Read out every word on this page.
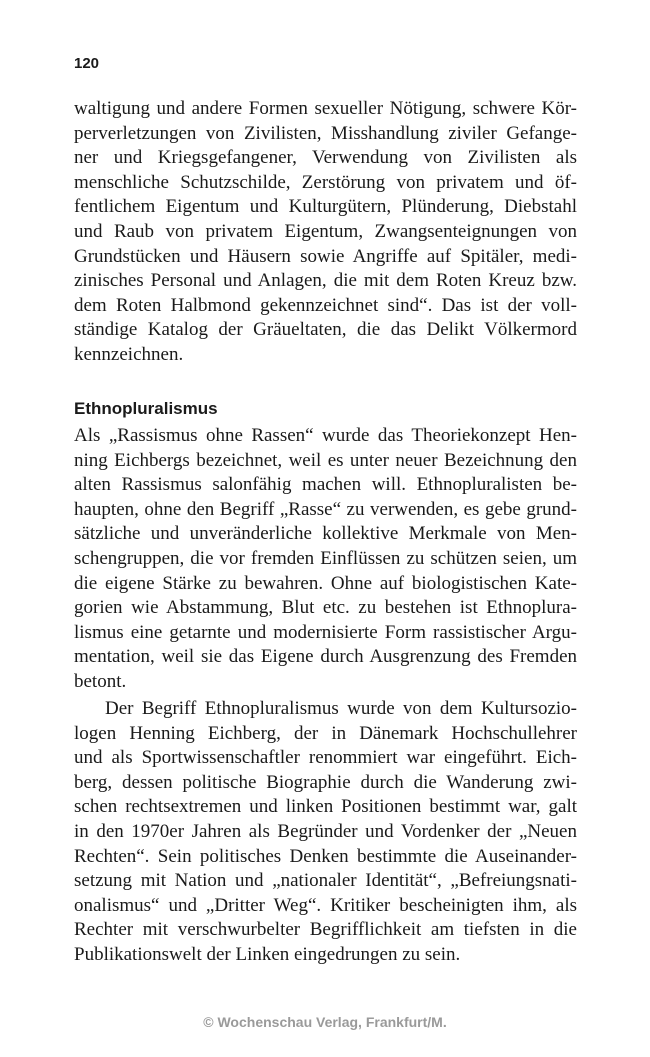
120
waltigung und andere Formen sexueller Nötigung, schwere Kör-
perverletzungen von Zivilisten, Misshandlung ziviler Gefange-
ner und Kriegsgefangener, Verwendung von Zivilisten als
menschliche Schutzschilde, Zerstörung von privatem und öf-
fentlichem Eigentum und Kulturgütern, Plünderung, Diebstahl
und Raub von privatem Eigentum, Zwangsenteignungen von
Grundstücken und Häusern sowie Angriffe auf Spitäler, medi-
zinisches Personal und Anlagen, die mit dem Roten Kreuz bzw.
dem Roten Halbmond gekennzeichnet sind“. Das ist der voll-
ständige Katalog der Gräueltaten, die das Delikt Völkermord
kennzeichnen.
Ethnopluralismus
Als „Rassismus ohne Rassen“ wurde das Theoriekonzept Hen-
ning Eichbergs bezeichnet, weil es unter neuer Bezeichnung den
alten Rassismus salonfähig machen will. Ethnopluralisten be-
haupten, ohne den Begriff „Rasse“ zu verwenden, es gebe grund-
sätzliche und unveränderliche kollektive Merkmale von Men-
schengruppen, die vor fremden Einflüssen zu schützen seien, um
die eigene Stärke zu bewahren. Ohne auf biologistischen Kate-
gorien wie Abstammung, Blut etc. zu bestehen ist Ethnoplura-
lismus eine getarnte und modernisierte Form rassistischer Argu-
mentation, weil sie das Eigene durch Ausgrenzung des Fremden
betont.
Der Begriff Ethnopluralismus wurde von dem Kultursozio-
logen Henning Eichberg, der in Dänemark Hochschullehrer
und als Sportwissenschaftler renommiert war eingeführt. Eich-
berg, dessen politische Biographie durch die Wanderung zwi-
schen rechtsextremen und linken Positionen bestimmt war, galt
in den 1970er Jahren als Begründer und Vordenker der „Neuen
Rechten“. Sein politisches Denken bestimmte die Auseinander-
setzung mit Nation und „nationaler Identität“, „Befreiungsnati-
onalismus“ und „Dritter Weg“. Kritiker bescheinigten ihm, als
Rechter mit verschwurbelter Begrifflichkeit am tiefsten in die
Publikationswelt der Linken eingedrungen zu sein.
© Wochenschau Verlag, Frankfurt/M.
